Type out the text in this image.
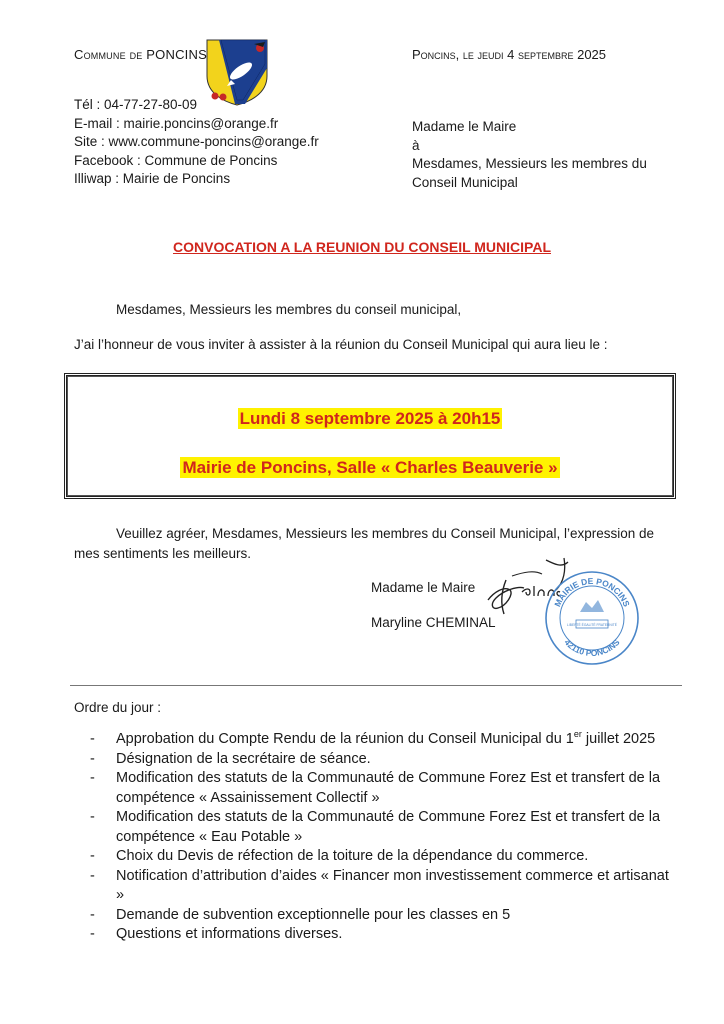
Commune de PONCINS	Poncins, le jeudi 4 septembre 2025
Tél : 04-77-27-80-09
E-mail : mairie.poncins@orange.fr
Site : www.commune-poncins@orange.fr
Facebook : Commune de Poncins
Illiwap : Mairie de Poncins
Madame le Maire
à
Mesdames, Messieurs les membres du
Conseil Municipal
CONVOCATION A LA REUNION DU CONSEIL MUNICIPAL
Mesdames, Messieurs les membres du conseil municipal,
J’ai l’honneur de vous inviter à assister à la réunion du Conseil Municipal qui aura lieu le :
Lundi 8 septembre 2025 à 20h15
Mairie de Poncins, Salle « Charles Beauverie »
Veuillez agréer, Mesdames, Messieurs les membres du Conseil Municipal, l’expression de mes sentiments les meilleurs.
Madame le Maire
Maryline CHEMINAL
MAIRIE DE PONCINS
42110 PONCINS
LIBERTÉ ÉGALITÉ FRATERNITÉ
Ordre du jour :
- Approbation du Compte Rendu de la réunion du Conseil Municipal du 1er juillet 2025
- Désignation de la secrétaire de séance.
- Modification des statuts de la Communauté de Commune Forez Est et transfert de la compétence « Assainissement Collectif »
- Modification des statuts de la Communauté de Commune Forez Est et transfert de la compétence « Eau Potable »
- Choix du Devis de réfection de la toiture de la dépendance du commerce.
- Notification d’attribution d’aides « Financer mon investissement commerce et artisanat »
- Demande de subvention exceptionnelle pour les classes en 5
- Questions et informations diverses.
